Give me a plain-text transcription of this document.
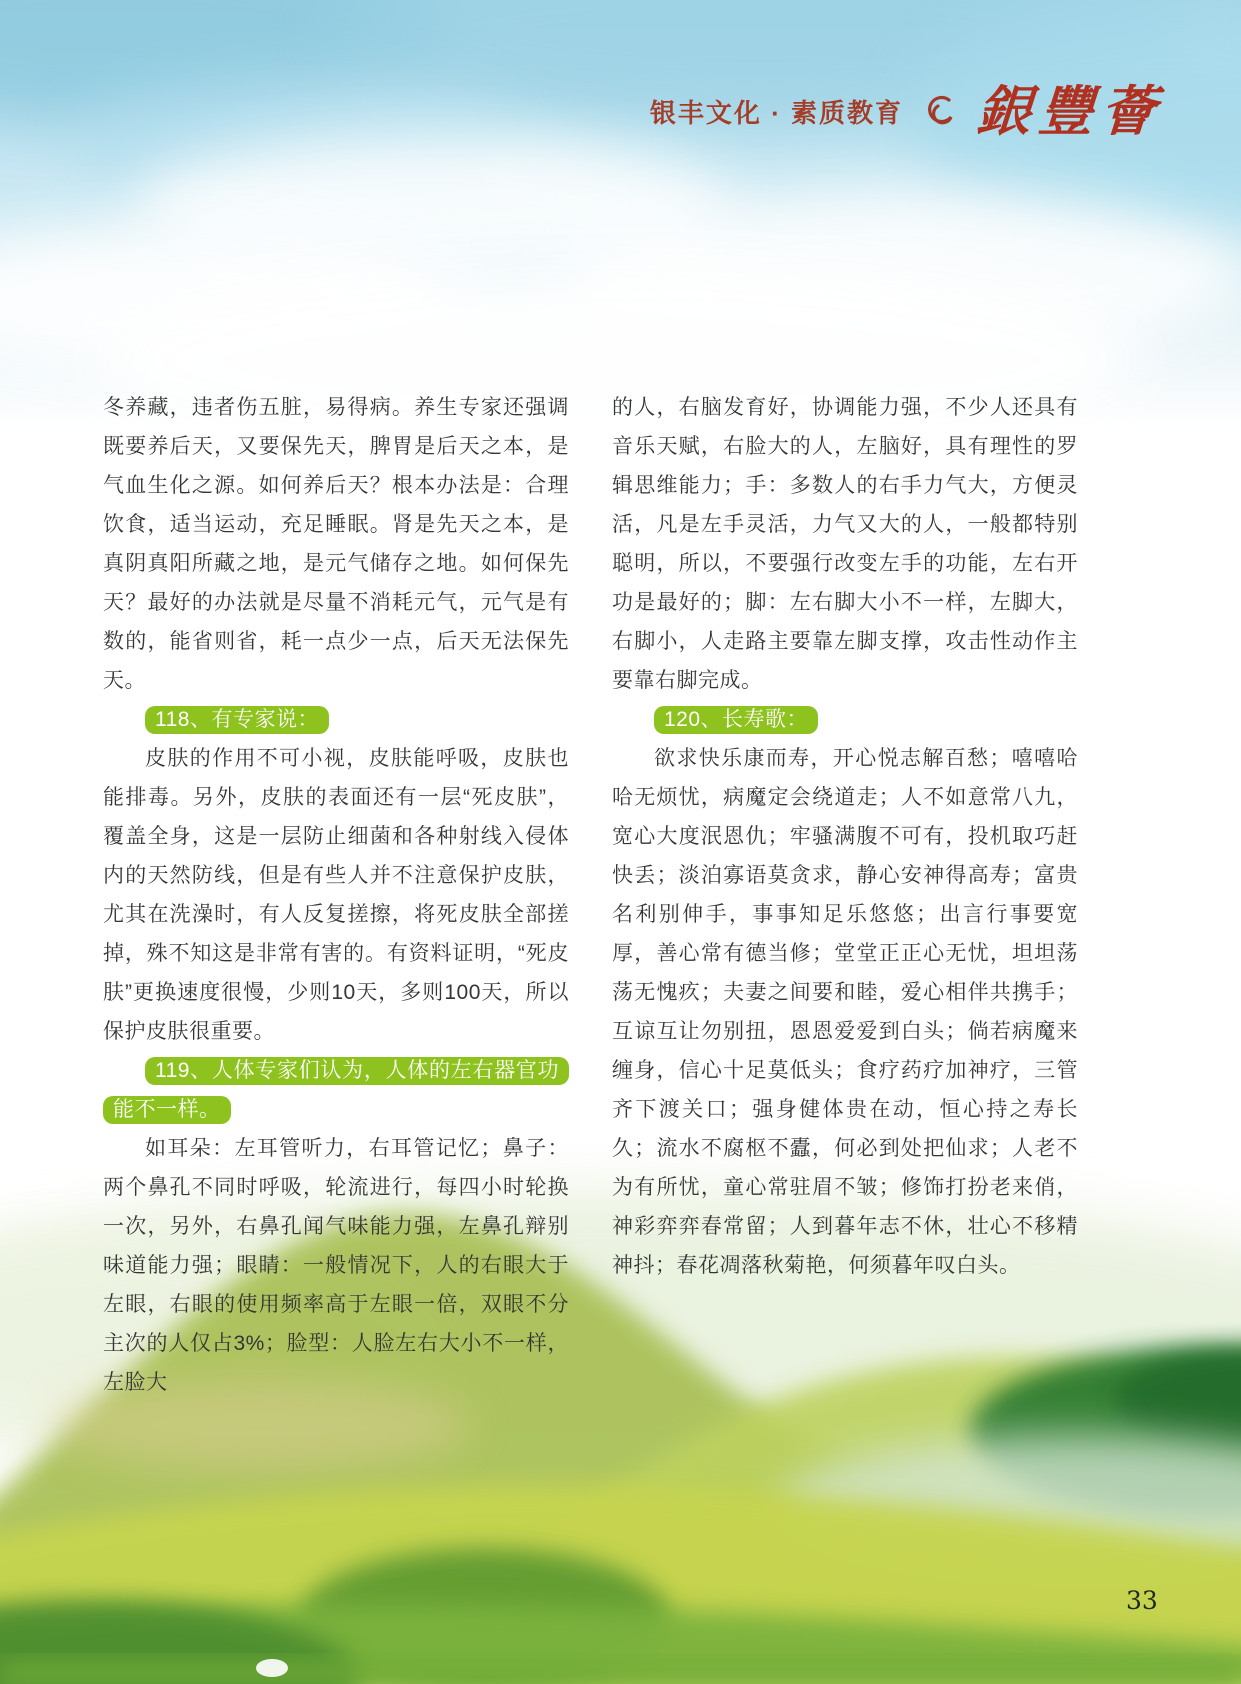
银丰文化 · 素质教育 銀豐薈

冬养藏，违者伤五脏，易得病。养生专家还强调既要养后天，又要保先天，脾胃是后天之本，是气血生化之源。如何养后天？根本办法是：合理饮食，适当运动，充足睡眠。肾是先天之本，是真阴真阳所藏之地，是元气储存之地。如何保先天？最好的办法就是尽量不消耗元气，元气是有数的，能省则省，耗一点少一点，后天无法保先天。

118、有专家说：

皮肤的作用不可小视，皮肤能呼吸，皮肤也能排毒。另外，皮肤的表面还有一层“死皮肤”，覆盖全身，这是一层防止细菌和各种射线入侵体内的天然防线，但是有些人并不注意保护皮肤，尤其在洗澡时，有人反复搓擦，将死皮肤全部搓掉，殊不知这是非常有害的。有资料证明，“死皮肤”更换速度很慢，少则10天，多则100天，所以保护皮肤很重要。

119、人体专家们认为，人体的左右器官功能不一样。

如耳朵：左耳管听力，右耳管记忆；鼻子：两个鼻孔不同时呼吸，轮流进行，每四小时轮换一次，另外，右鼻孔闻气味能力强，左鼻孔辩别味道能力强；眼睛：一般情况下，人的右眼大于左眼，右眼的使用频率高于左眼一倍，双眼不分主次的人仅占3%；脸型：人脸左右大小不一样，左脸大

的人，右脑发育好，协调能力强，不少人还具有音乐天赋，右脸大的人，左脑好，具有理性的罗辑思维能力；手：多数人的右手力气大，方便灵活，凡是左手灵活，力气又大的人，一般都特别聪明，所以，不要强行改变左手的功能，左右开功是最好的；脚：左右脚大小不一样，左脚大，右脚小，人走路主要靠左脚支撑，攻击性动作主要靠右脚完成。

120、长寿歌：

欲求快乐康而寿，开心悦志解百愁；嘻嘻哈哈无烦忧，病魔定会绕道走；人不如意常八九，宽心大度泯恩仇；牢骚满腹不可有，投机取巧赶快丢；淡泊寡语莫贪求，静心安神得高寿；富贵名利别伸手，事事知足乐悠悠；出言行事要宽厚，善心常有德当修；堂堂正正心无忧，坦坦荡荡无愧疚；夫妻之间要和睦，爱心相伴共携手；互谅互让勿别扭，恩恩爱爱到白头；倘若病魔来缠身，信心十足莫低头；食疗药疗加神疗，三管齐下渡关口；强身健体贵在动，恒心持之寿长久；流水不腐枢不蠹，何必到处把仙求；人老不为有所忧，童心常驻眉不皱；修饰打扮老来俏，神彩弈弈春常留；人到暮年志不休，壮心不移精神抖；春花凋落秋菊艳，何须暮年叹白头。

33
